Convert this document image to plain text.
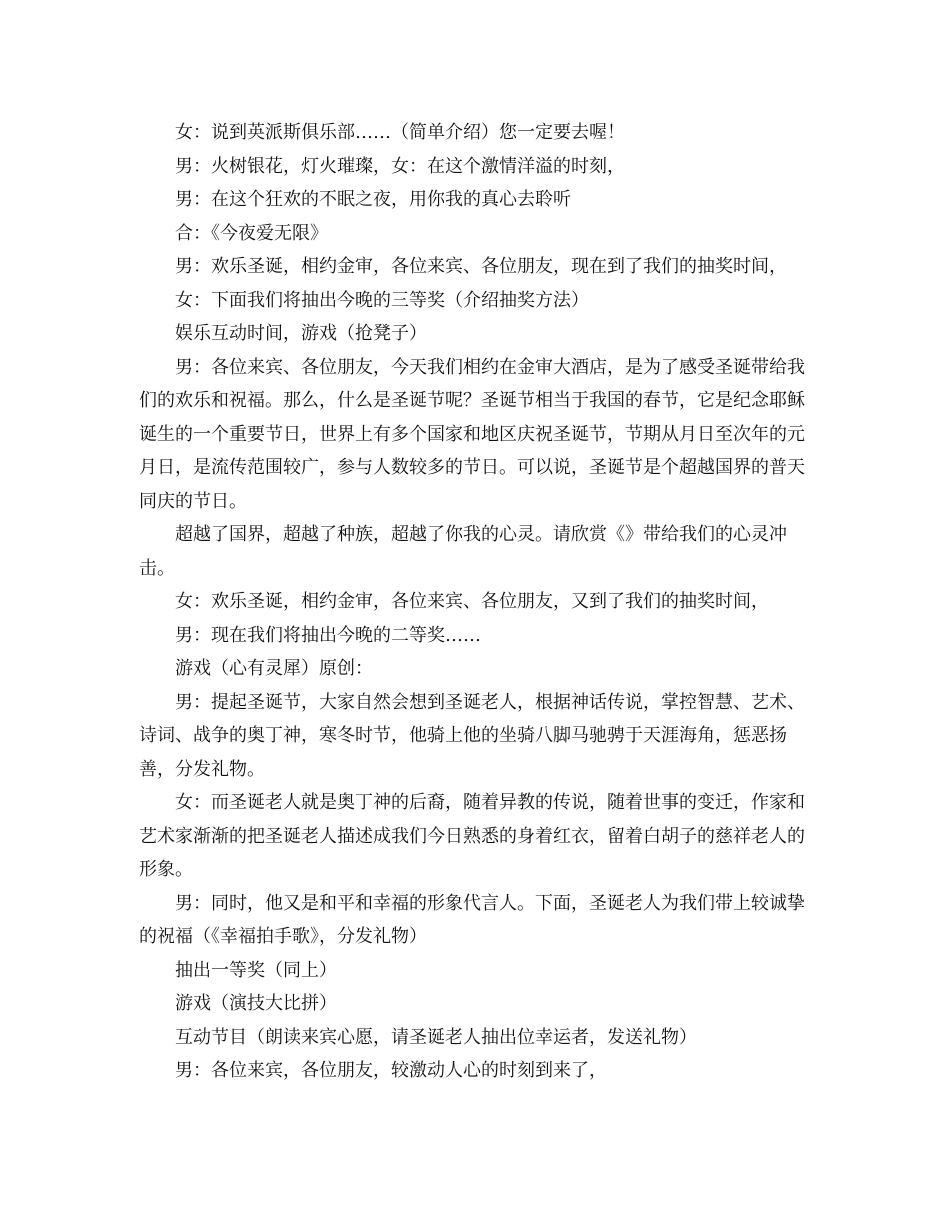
女：说到英派斯俱乐部……（简单介绍）您一定要去喔！

男：火树银花，灯火璀璨，女：在这个激情洋溢的时刻，

男：在这个狂欢的不眠之夜，用你我的真心去聆听

合：《今夜爱无限》

男：欢乐圣诞，相约金审，各位来宾、各位朋友，现在到了我们的抽奖时间，

女：下面我们将抽出今晚的三等奖（介绍抽奖方法）

娱乐互动时间，游戏（抢凳子）

男：各位来宾、各位朋友，今天我们相约在金审大酒店，是为了感受圣诞带给我们的欢乐和祝福。那么，什么是圣诞节呢？圣诞节相当于我国的春节，它是纪念耶稣诞生的一个重要节日，世界上有多个国家和地区庆祝圣诞节，节期从月日至次年的元月日，是流传范围较广，参与人数较多的节日。可以说，圣诞节是个超越国界的普天同庆的节日。

超越了国界，超越了种族，超越了你我的心灵。请欣赏《》带给我们的心灵冲击。

女：欢乐圣诞，相约金审，各位来宾、各位朋友，又到了我们的抽奖时间，

男：现在我们将抽出今晚的二等奖……

游戏（心有灵犀）原创：

男：提起圣诞节，大家自然会想到圣诞老人，根据神话传说，掌控智慧、艺术、诗词、战争的奥丁神，寒冬时节，他骑上他的坐骑八脚马驰骋于天涯海角，惩恶扬善，分发礼物。

女：而圣诞老人就是奥丁神的后裔，随着异教的传说，随着世事的变迁，作家和艺术家渐渐的把圣诞老人描述成我们今日熟悉的身着红衣，留着白胡子的慈祥老人的形象。

男：同时，他又是和平和幸福的形象代言人。下面，圣诞老人为我们带上较诚挚的祝福（《幸福拍手歌》，分发礼物）

抽出一等奖（同上）

游戏（演技大比拼）

互动节目（朗读来宾心愿，请圣诞老人抽出位幸运者，发送礼物）

男：各位来宾，各位朋友，较激动人心的时刻到来了，
